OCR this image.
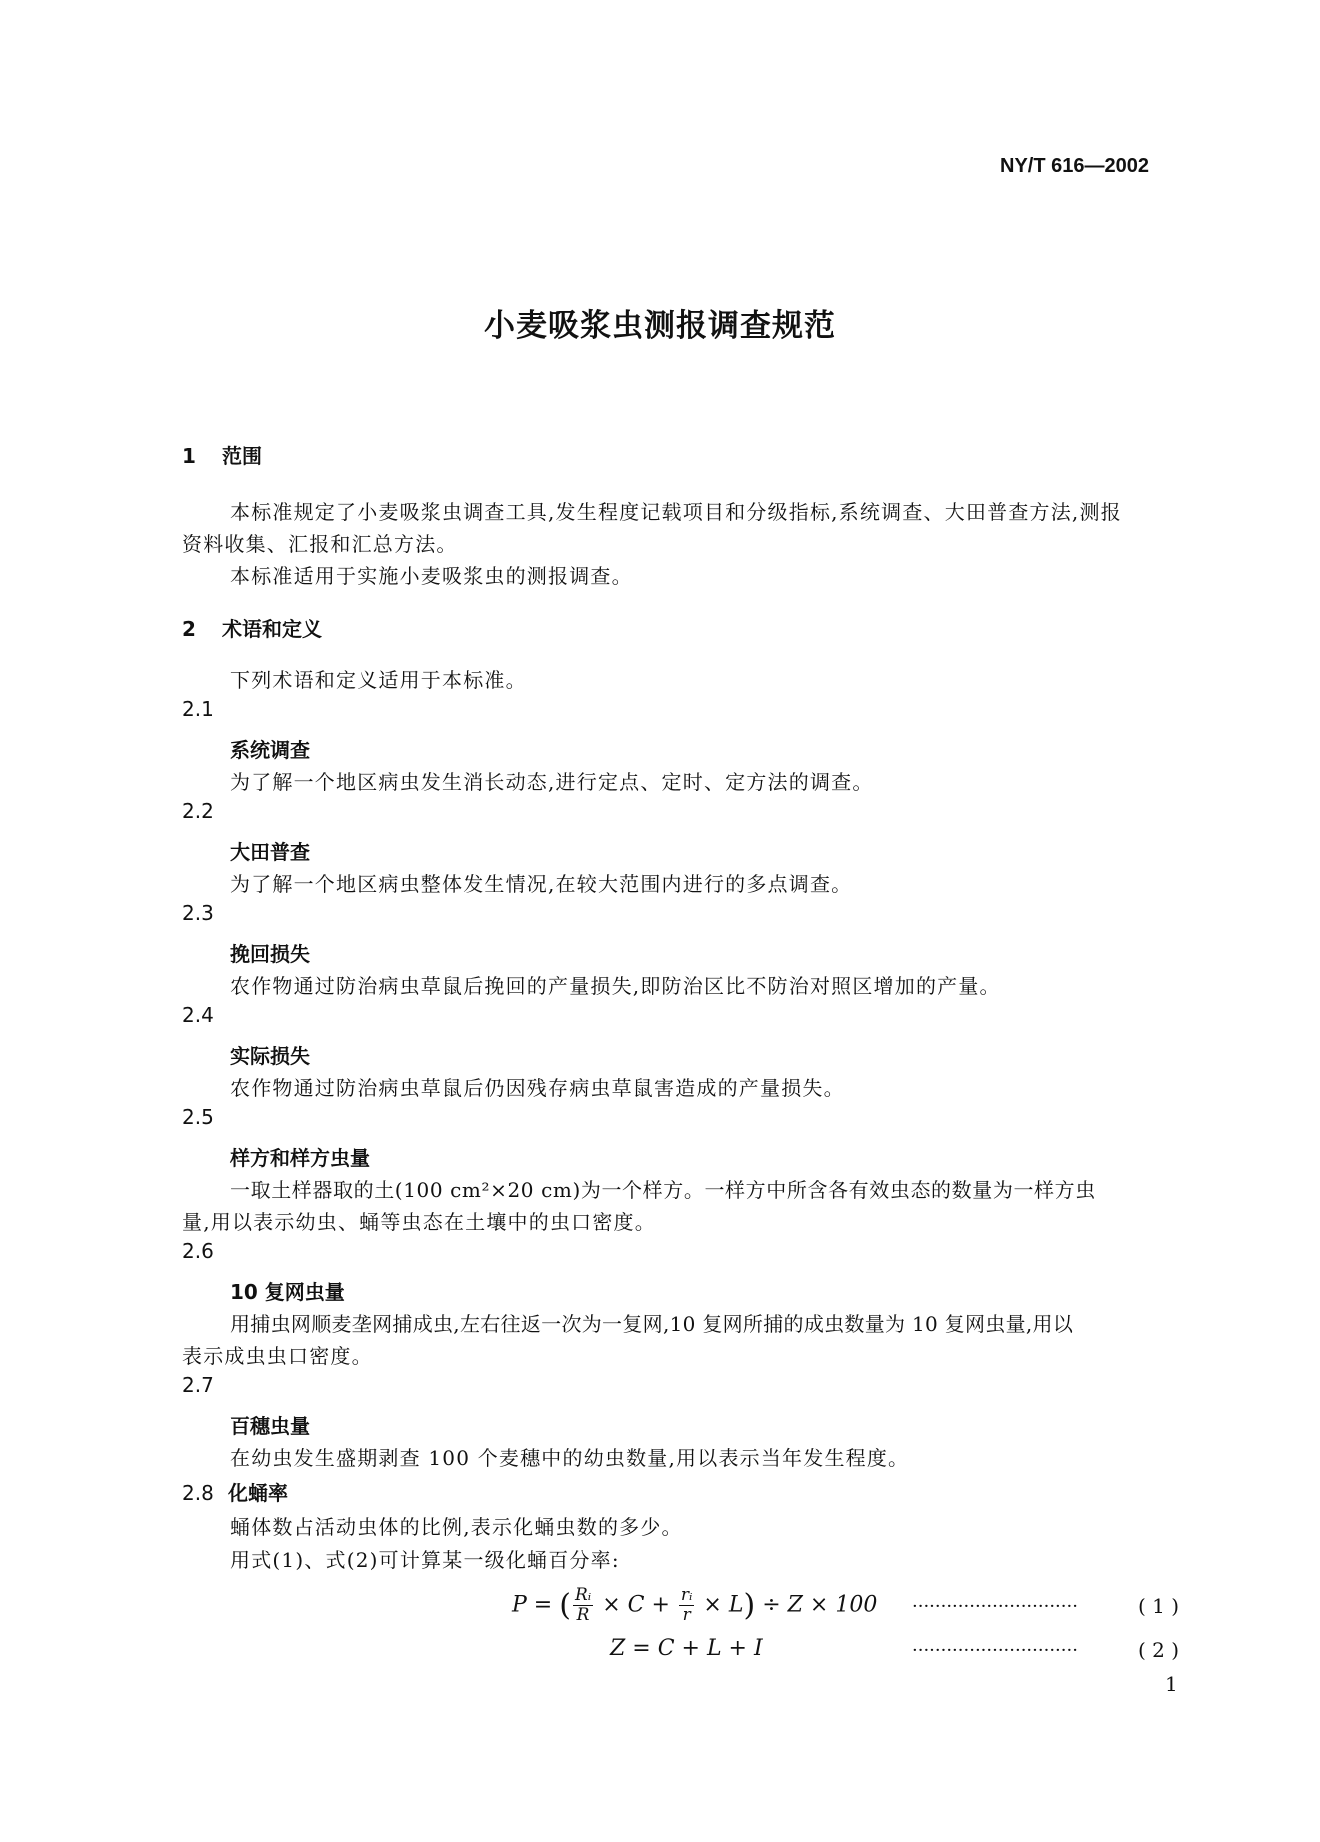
NY/T 616—2002
小麦吸浆虫测报调查规范
1 范围
本标准规定了小麦吸浆虫调查工具,发生程度记载项目和分级指标,系统调查、大田普查方法,测报
资料收集、汇报和汇总方法。
本标准适用于实施小麦吸浆虫的测报调查。
2 术语和定义
下列术语和定义适用于本标准。
2.1
系统调查
为了解一个地区病虫发生消长动态,进行定点、定时、定方法的调查。
2.2
大田普查
为了解一个地区病虫整体发生情况,在较大范围内进行的多点调查。
2.3
挽回损失
农作物通过防治病虫草鼠后挽回的产量损失,即防治区比不防治对照区增加的产量。
2.4
实际损失
农作物通过防治病虫草鼠后仍因残存病虫草鼠害造成的产量损失。
2.5
样方和样方虫量
一取土样器取的土(100 cm²×20 cm)为一个样方。一样方中所含各有效虫态的数量为一样方虫
量,用以表示幼虫、蛹等虫态在土壤中的虫口密度。
2.6
10 复网虫量
用捕虫网顺麦垄网捕成虫,左右往返一次为一复网,10 复网所捕的成虫数量为 10 复网虫量,用以
表示成虫虫口密度。
2.7
百穗虫量
在幼虫发生盛期剥查 100 个麦穗中的幼虫数量,用以表示当年发生程度。
2.8 化蛹率
蛹体数占活动虫体的比例,表示化蛹虫数的多少。
用式(1)、式(2)可计算某一级化蛹百分率:
P = ( $\frac{\text{Rᵢ}}{R} \times C + \frac{\text{rᵢ}}{r} \times L) \div Z \times 100$ ·····························	( 1 )
Z = C + L + I	·····························	( 2 )
1
